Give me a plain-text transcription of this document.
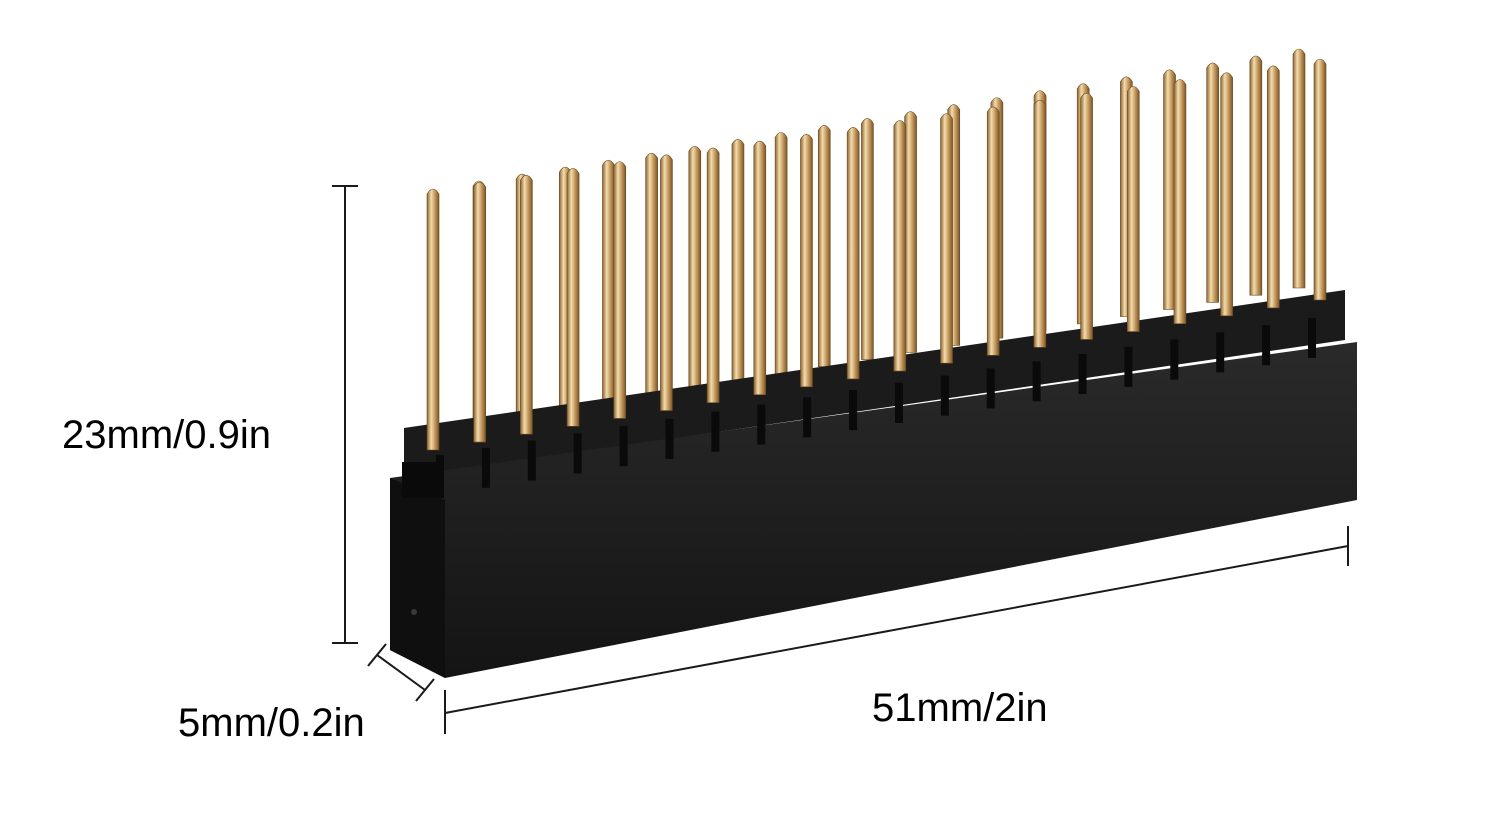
23mm/0.9in
5mm/0.2in	51mm/2in
